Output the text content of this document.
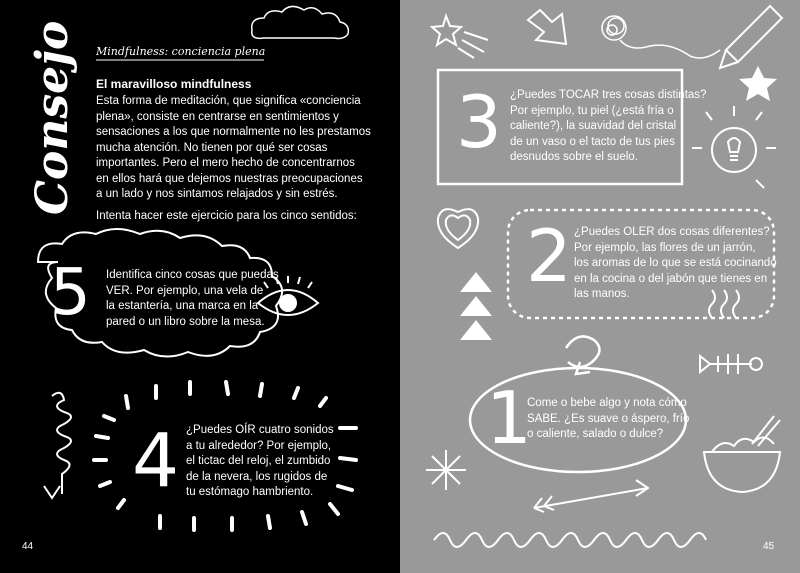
Consejo Mindfulness: conciencia plena
El maravilloso mindfulness
Esta forma de meditación, que significa «conciencia
plena», consiste en centrarse en sentimientos y
sensaciones a los que normalmente no les prestamos
mucha atención. No tienen por qué ser cosas
importantes. Pero el mero hecho de concentrarnos
en ellos hará que dejemos nuestras preocupaciones
a un lado y nos sintamos relajados y sin estrés.
Intenta hacer este ejercicio para los cinco sentidos:
5 Identifica cinco cosas que puedas
VER. Por ejemplo, una vela de
la estantería, una marca en la
pared o un libro sobre la mesa.
4 ¿Puedes OÍR cuatro sonidos
a tu alrededor? Por ejemplo,
el tictac del reloj, el zumbido
de la nevera, los rugidos de
tu estómago hambriento.
44
3 ¿Puedes TOCAR tres cosas distintas?
Por ejemplo, tu piel (¿está fría o
caliente?), la suavidad del cristal
de un vaso o el tacto de tus pies
desnudos sobre el suelo.
2 ¿Puedes OLER dos cosas diferentes?
Por ejemplo, las flores de un jarrón,
los aromas de lo que se está cocinando
en la cocina o del jabón que tienes en
las manos.
1
Come o bebe algo y nota cómo
SABE. ¿Es suave o áspero, frío
o caliente, salado o dulce?
45
